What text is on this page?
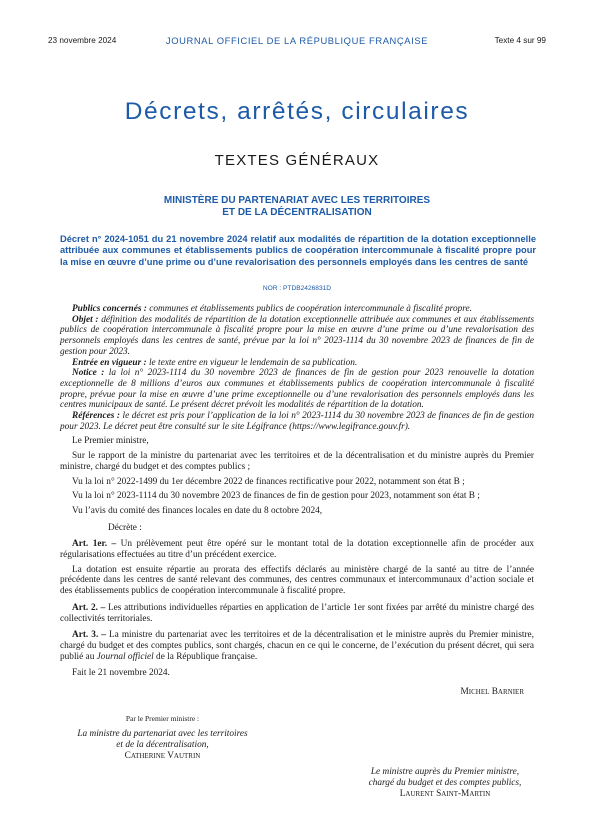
23 novembre 2024	JOURNAL OFFICIEL DE LA RÉPUBLIQUE FRANÇAISE	Texte 4 sur 99
Décrets, arrêtés, circulaires
TEXTES GÉNÉRAUX
MINISTÈRE DU PARTENARIAT AVEC LES TERRITOIRES
ET DE LA DÉCENTRALISATION
Décret n° 2024-1051 du 21 novembre 2024 relatif aux modalités de répartition de la dotation exceptionnelle attribuée aux communes et établissements publics de coopération intercommunale à fiscalité propre pour la mise en œuvre d’une prime ou d’une revalorisation des personnels employés dans les centres de santé
NOR : PTDB2426831D

Publics concernés : communes et établissements publics de coopération intercommunale à fiscalité propre.

Objet : définition des modalités de répartition de la dotation exceptionnelle attribuée aux communes et aux établissements publics de coopération intercommunale à fiscalité propre pour la mise en œuvre d’une prime ou d’une revalorisation des personnels employés dans les centres de santé, prévue par la loi n° 2023-1114 du 30 novembre 2023 de finances de fin de gestion pour 2023.

Entrée en vigueur : le texte entre en vigueur le lendemain de sa publication.

Notice : la loi n° 2023-1114 du 30 novembre 2023 de finances de fin de gestion pour 2023 renouvelle la dotation exceptionnelle de 8 millions d’euros aux communes et établissements publics de coopération intercommunale à fiscalité propre, prévue pour la mise en œuvre d’une prime exceptionnelle ou d’une revalorisation des personnels employés dans les centres municipaux de santé. Le présent décret prévoit les modalités de répartition de la dotation.

Références : le décret est pris pour l’application de la loi n° 2023-1114 du 30 novembre 2023 de finances de fin de gestion pour 2023. Le décret peut être consulté sur le site Légifrance (https://www.legifrance.gouv.fr).

Le Premier ministre,

Sur le rapport de la ministre du partenariat avec les territoires et de la décentralisation et du ministre auprès du Premier ministre, chargé du budget et des comptes publics ;

Vu la loi n° 2022-1499 du 1er décembre 2022 de finances rectificative pour 2022, notamment son état B ;

Vu la loi n° 2023-1114 du 30 novembre 2023 de finances de fin de gestion pour 2023, notamment son état B ;

Vu l’avis du comité des finances locales en date du 8 octobre 2024,

Décrète :

Art. 1er. – Un prélèvement peut être opéré sur le montant total de la dotation exceptionnelle afin de procéder aux régularisations effectuées au titre d’un précédent exercice.

La dotation est ensuite répartie au prorata des effectifs déclarés au ministère chargé de la santé au titre de l’année précédente dans les centres de santé relevant des communes, des centres communaux et intercommunaux d’action sociale et des établissements publics de coopération intercommunale à fiscalité propre.

Art. 2. – Les attributions individuelles réparties en application de l’article 1er sont fixées par arrêté du ministre chargé des collectivités territoriales.

Art. 3. – La ministre du partenariat avec les territoires et de la décentralisation et le ministre auprès du Premier ministre, chargé du budget et des comptes publics, sont chargés, chacun en ce qui le concerne, de l’exécution du présent décret, qui sera publié au Journal officiel de la République française.

Fait le 21 novembre 2024.

Michel Barnier
Par le Premier ministre :
La ministre du partenariat avec les territoires
et de la décentralisation,
Catherine Vautrin
Le ministre auprès du Premier ministre,
chargé du budget et des comptes publics,
Laurent Saint-Martin
